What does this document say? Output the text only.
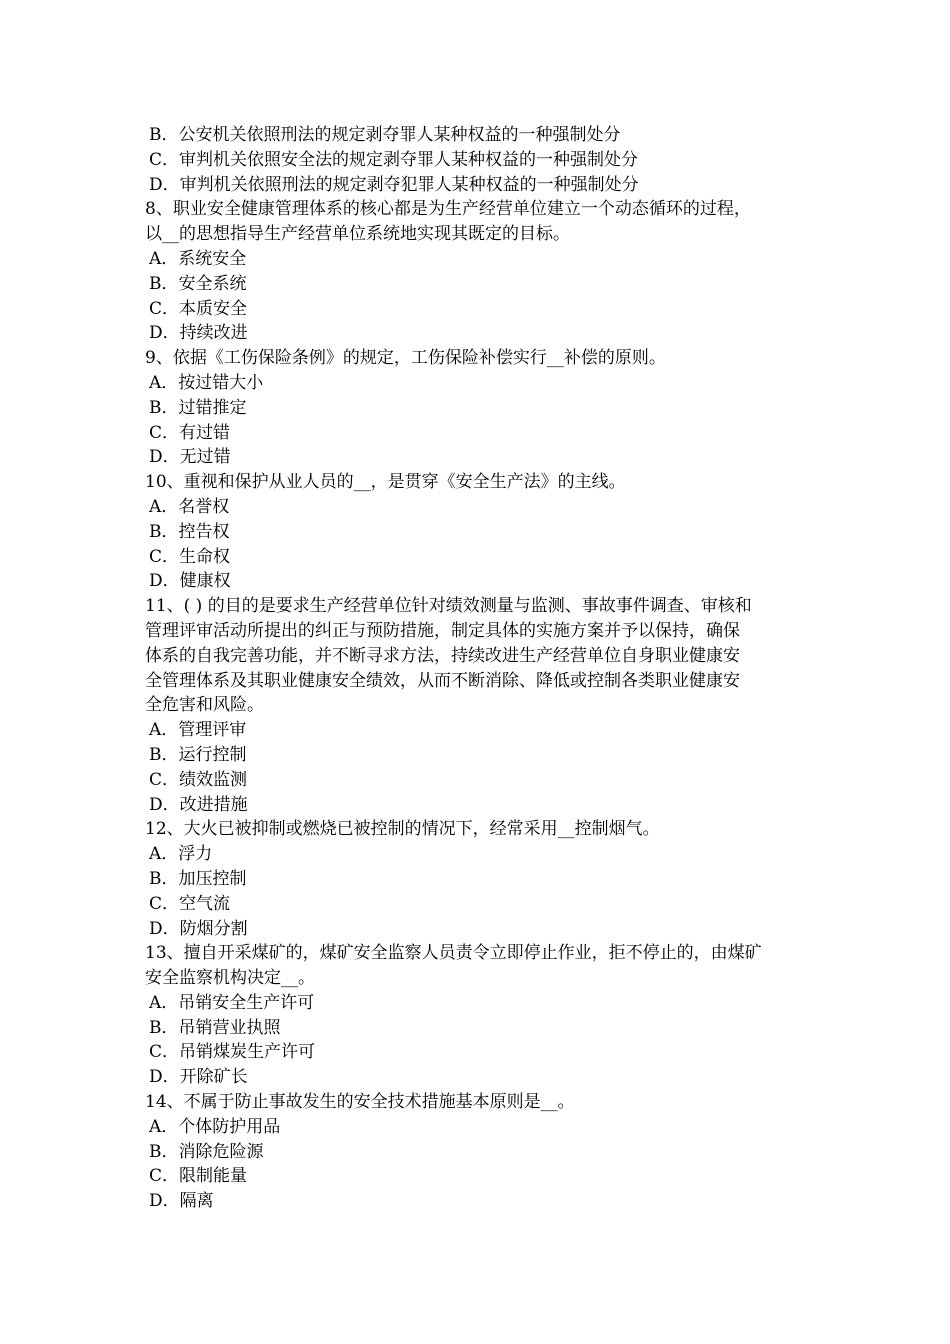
B．公安机关依照刑法的规定剥夺罪人某种权益的一种强制处分
C．审判机关依照安全法的规定剥夺罪人某种权益的一种强制处分
D．审判机关依照刑法的规定剥夺犯罪人某种权益的一种强制处分
8、职业安全健康管理体系的核心都是为生产经营单位建立一个动态循环的过程，
以__的思想指导生产经营单位系统地实现其既定的目标。
A．系统安全
B．安全系统
C．本质安全
D．持续改进
9、依据《工伤保险条例》的规定，工伤保险补偿实行__补偿的原则。
A．按过错大小
B．过错推定
C．有过错
D．无过错
10、重视和保护从业人员的__，是贯穿《安全生产法》的主线。
A．名誉权
B．控告权
C．生命权
D．健康权
11、( ) 的目的是要求生产经营单位针对绩效测量与监测、事故事件调查、审核和
管理评审活动所提出的纠正与预防措施，制定具体的实施方案并予以保持，确保
体系的自我完善功能，并不断寻求方法，持续改进生产经营单位自身职业健康安
全管理体系及其职业健康安全绩效，从而不断消除、降低或控制各类职业健康安
全危害和风险。
A．管理评审
B．运行控制
C．绩效监测
D．改进措施
12、大火已被抑制或燃烧已被控制的情况下，经常采用__控制烟气。
A．浮力
B．加压控制
C．空气流
D．防烟分割
13、擅自开采煤矿的，煤矿安全监察人员责令立即停止作业，拒不停止的，由煤矿
安全监察机构决定__。
A．吊销安全生产许可
B．吊销营业执照
C．吊销煤炭生产许可
D．开除矿长
14、不属于防止事故发生的安全技术措施基本原则是__。
A．个体防护用品
B．消除危险源
C．限制能量
D．隔离
